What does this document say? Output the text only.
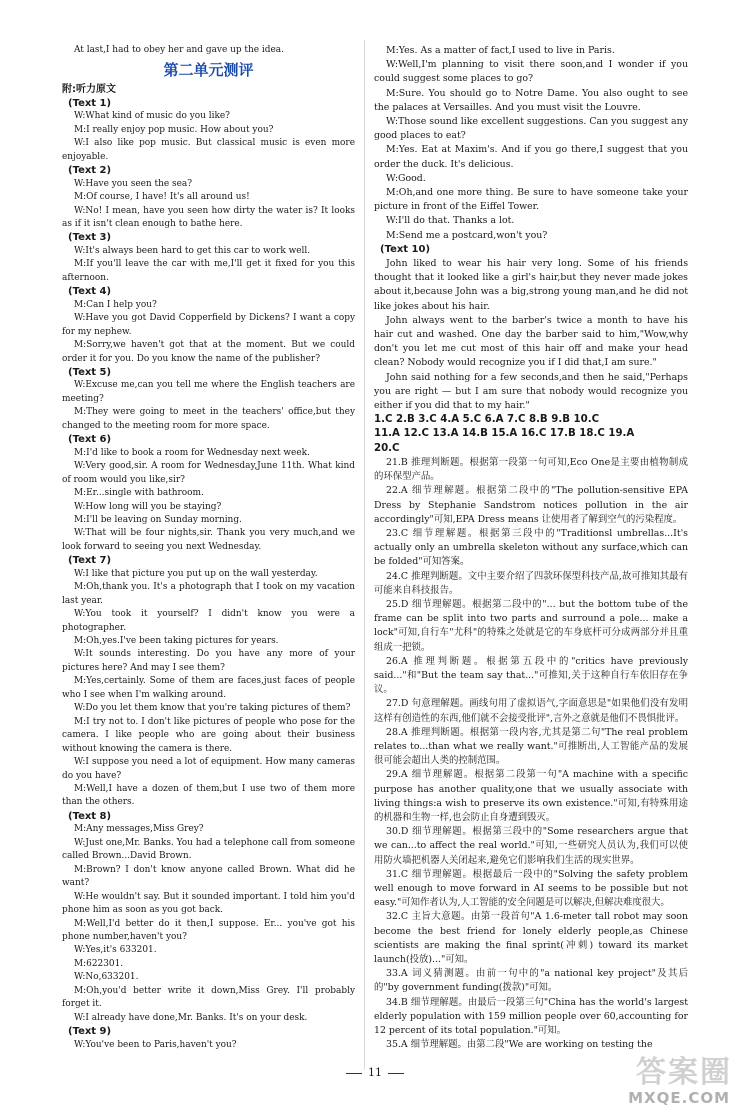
At last,I had to obey her and gave up the idea.
第二单元测评
附:听力原文
(Text 1)
W:What kind of music do you like?
M:I really enjoy pop music. How about you?
W:I also like pop music. But classical music is even more enjoyable.
(Text 2)
W:Have you seen the sea?
M:Of course, I have! It's all around us!
W:No! I mean, have you seen how dirty the water is? It looks as if it isn't clean enough to bathe here.
(Text 3)
W:It's always been hard to get this car to work well.
M:If you'll leave the car with me,I'll get it fixed for you this afternoon.
(Text 4)
M:Can I help you?
W:Have you got David Copperfield by Dickens? I want a copy for my nephew.
M:Sorry,we haven't got that at the moment. But we could order it for you. Do you know the name of the publisher?
(Text 5)
W:Excuse me,can you tell me where the English teachers are meeting?
M:They were going to meet in the teachers' office,but they changed to the meeting room for more space.
(Text 6)
M:I'd like to book a room for Wednesday next week.
W:Very good,sir. A room for Wednesday,June 11th. What kind of room would you like,sir?
M:Er...single with bathroom.
W:How long will you be staying?
M:I'll be leaving on Sunday morning.
W:That will be four nights,sir. Thank you very much,and we look forward to seeing you next Wednesday.
(Text 7)
W:I like that picture you put up on the wall yesterday.
M:Oh,thank you. It's a photograph that I took on my vacation last year.
W:You took it yourself? I didn't know you were a photographer.
M:Oh,yes.I've been taking pictures for years.
W:It sounds interesting. Do you have any more of your pictures here? And may I see them?
M:Yes,certainly. Some of them are faces,just faces of people who I see when I'm walking around.
W:Do you let them know that you're taking pictures of them?
M:I try not to. I don't like pictures of people who pose for the camera. I like people who are going about their business without knowing the camera is there.
W:I suppose you need a lot of equipment. How many cameras do you have?
M:Well,I have a dozen of them,but I use two of them more than the others.
(Text 8)
M:Any messages,Miss Grey?
W:Just one,Mr. Banks. You had a telephone call from someone called Brown...David Brown.
M:Brown? I don't know anyone called Brown. What did he want?
W:He wouldn't say. But it sounded important. I told him you'd phone him as soon as you got back.
M:Well,I'd better do it then,I suppose. Er... you've got his phone number,haven't you?
W:Yes,it's 633201.
M:622301.
W:No,633201.
M:Oh,you'd better write it down,Miss Grey. I'll probably forget it.
W:I already have done,Mr. Banks. It's on your desk.
(Text 9)
W:You've been to Paris,haven't you?
M:Yes. As a matter of fact,I used to live in Paris.
W:Well,I'm planning to visit there soon,and I wonder if you could suggest some places to go?
M:Sure. You should go to Notre Dame. You also ought to see the palaces at Versailles. And you must visit the Louvre.
W:Those sound like excellent suggestions. Can you suggest any good places to eat?
M:Yes. Eat at Maxim's. And if you go there,I suggest that you order the duck. It's delicious.
W:Good.
M:Oh,and one more thing. Be sure to have someone take your picture in front of the Eiffel Tower.
W:I'll do that. Thanks a lot.
M:Send me a postcard,won't you?
(Text 10)
John liked to wear his hair very long. Some of his friends thought that it looked like a girl's hair,but they never made jokes about it,because John was a big,strong young man,and he did not like jokes about his hair.
John always went to the barber's twice a month to have his hair cut and washed. One day the barber said to him,"Wow,why don't you let me cut most of this hair off and make your head clean? Nobody would recognize you if I did that,I am sure."
John said nothing for a few seconds,and then he said,"Perhaps you are right — but I am sure that nobody would recognize you either if you did that to my hair."
1.C 2.B 3.C 4.A 5.C 6.A 7.C 8.B 9.B 10.C
11.A 12.C 13.A 14.B 15.A 16.C 17.B 18.C 19.A
20.C
21.B 推理判断题。根据第一段第一句可知,Eco One是主要由植物制成的环保型产品。
22.A 细节理解题。根据第二段中的"The pollution-sensitive EPA Dress by Stephanie Sandstrom notices pollution in the air accordingly"可知,EPA Dress means 让使用者了解到空气的污染程度。
23.C 细节理解题。根据第三段中的"Traditionsl umbrellas...It's actually only an umbrella skeleton without any surface,which can be folded"可知答案。
24.C 推理判断题。文中主要介绍了四款环保型科技产品,故可推知其最有可能来自科技报告。
25.D 细节理解题。根据第二段中的"... but the bottom tube of the frame can be split into two parts and surround a pole... make a lock"可知,自行车"尤科"的特殊之处就是它的车身底杆可分成两部分并且重组成一把锁。
26.A 推理判断题。根据第五段中的"critics have previously said..."和"But the team say that..."可推知,关于这种自行车依旧存在争议。
27.D 句意理解题。画线句用了虚拟语气,字面意思是"如果他们没有发明这样有创造性的东西,他们就不会接受批评",言外之意就是他们不畏惧批评。
28.A 推理判断题。根据第一段内容,尤其是第二句"The real problem relates to...than what we really want."可推断出,人工智能产品的发展很可能会超出人类的控制范围。
29.A 细节理解题。根据第二段第一句"A machine with a specific purpose has another quality,one that we usually associate with living things:a wish to preserve its own existence."可知,有特殊用途的机器和生物一样,也会防止自身遭到毁灭。
30.D 细节理解题。根据第三段中的"Some researchers argue that we can...to affect the real world."可知,一些研究人员认为,我们可以使用防火墙把机器人关闭起来,避免它们影响我们生活的现实世界。
31.C 细节理解题。根据最后一段中的"Solving the safety problem well enough to move forward in AI seems to be possible but not easy."可知作者认为,人工智能的安全问题是可以解决,但解决难度很大。
32.C 主旨大意题。由第一段首句"A 1.6-meter tall robot may soon become the best friend for lonely elderly people,as Chinese scientists are making the final sprint(冲刺) toward its market launch(投放)..."可知。
33.A 词义猜测题。由前一句中的"a national key project"及其后的"by government funding(拨款)"可知。
34.B 细节理解题。由最后一段第三句"China has the world's largest elderly population with 159 million people over 60,accounting for 12 percent of its total population."可知。
35.A 细节理解题。由第二段"We are working on testing the
11	答案圈
MXQE.COM
